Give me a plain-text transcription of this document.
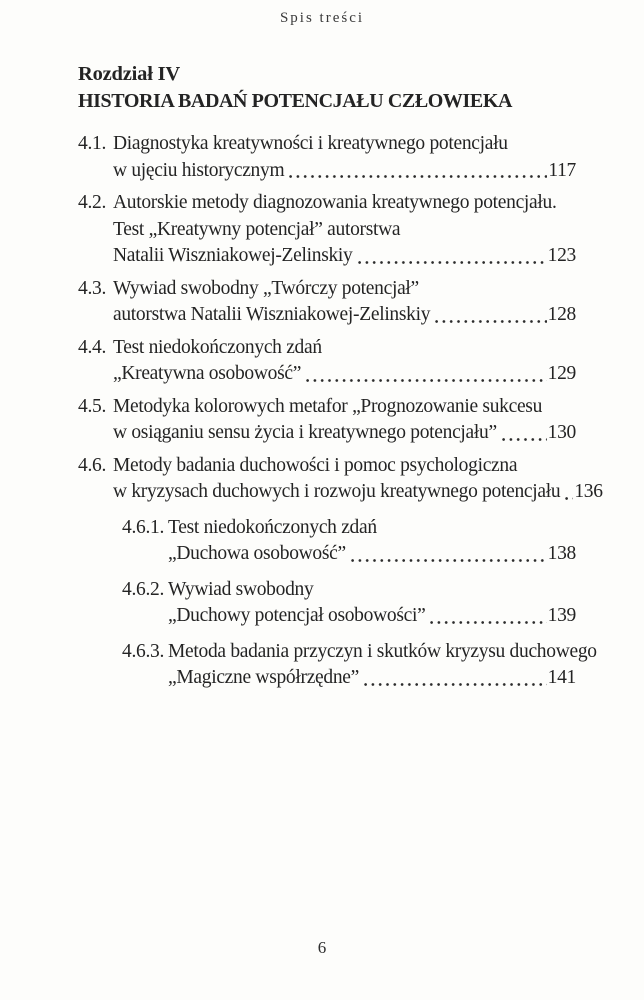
Spis treści
Rozdział IV
HISTORIA BADAŃ POTENCJAŁU CZŁOWIEKA
4.1. Diagnostyka kreatywności i kreatywnego potencjału
w ujęciu historycznym	117
4.2. Autorskie metody diagnozowania kreatywnego potencjału.
Test „Kreatywny potencjał” autorstwa
Natalii Wiszniakowej-Zelinskiy	123
4.3. Wywiad swobodny „Twórczy potencjał”
autorstwa Natalii Wiszniakowej-Zelinskiy	128
4.4. Test niedokończonych zdań
„Kreatywna osobowość”	129
4.5. Metodyka kolorowych metafor „Prognozowanie sukcesu
w osiąganiu sensu życia i kreatywnego potencjału”	130
4.6. Metody badania duchowości i pomoc psychologiczna
w kryzysach duchowych i rozwoju kreatywnego potencjału 136
4.6.1. Test niedokończonych zdań
„Duchowa osobowość”	138
4.6.2. Wywiad swobodny
„Duchowy potencjał osobowości”	139
4.6.3. Metoda badania przyczyn i skutków kryzysu duchowego
„Magiczne współrzędne”	141
6
